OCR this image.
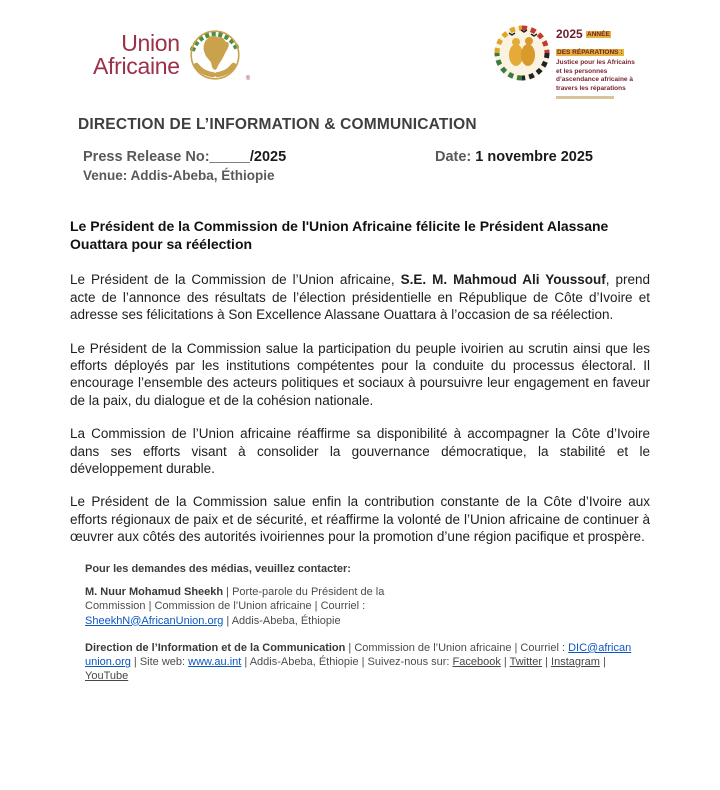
Union
Africaine	®
2025 ANNÉE
DES RÉPARATIONS :
Justice pour les Africains
et les personnes
d’ascendance africaine à
travers les réparations
DIRECTION DE L’INFORMATION & COMMUNICATION
Press Release No:_____/2025	Date: 1 novembre 2025
Venue: Addis-Abeba, Éthiopie
Le Président de la Commission de l'Union Africaine félicite le Président Alassane Ouattara pour sa réélection

Le Président de la Commission de l’Union africaine, S.E. M. Mahmoud Ali Youssouf, prend acte de l’annonce des résultats de l’élection présidentielle en République de Côte d’Ivoire et adresse ses félicitations à Son Excellence Alassane Ouattara à l’occasion de sa réélection.

Le Président de la Commission salue la participation du peuple ivoirien au scrutin ainsi que les efforts déployés par les institutions compétentes pour la conduite du processus électoral. Il encourage l’ensemble des acteurs politiques et sociaux à poursuivre leur engagement en faveur de la paix, du dialogue et de la cohésion nationale.

La Commission de l’Union africaine réaffirme sa disponibilité à accompagner la Côte d’Ivoire dans ses efforts visant à consolider la gouvernance démocratique, la stabilité et le développement durable.

Le Président de la Commission salue enfin la contribution constante de la Côte d’Ivoire aux efforts régionaux de paix et de sécurité, et réaffirme la volonté de l’Union africaine de continuer à œuvrer aux côtés des autorités ivoiriennes pour la promotion d’une région pacifique et prospère.

Pour les demandes des médias, veuillez contacter:

M. Nuur Mohamud Sheekh | Porte-parole du Président de la Commission | Commission de l’Union africaine | Courriel : SheekhN@AfricanUnion.org | Addis-Abeba, Éthiopie

Direction de l’Information et de la Communication | Commission de l’Union africaine | Courriel : DIC@african union.org | Site web: www.au.int | Addis-Abeba, Éthiopie | Suivez-nous sur: Facebook | Twitter | Instagram | YouTube
